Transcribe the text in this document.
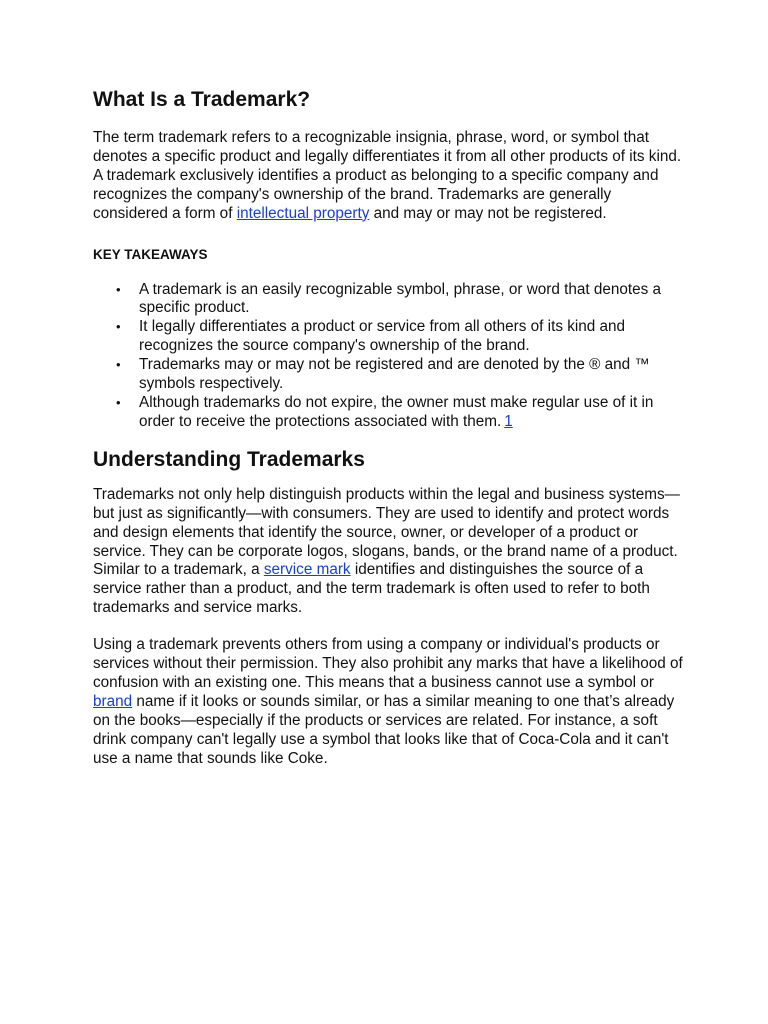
What Is a Trademark?

The term trademark refers to a recognizable insignia, phrase, word, or symbol that denotes a specific product and legally differentiates it from all other products of its kind. A trademark exclusively identifies a product as belonging to a specific company and recognizes the company's ownership of the brand. Trademarks are generally considered a form of intellectual property and may or may not be registered.

KEY TAKEAWAYS
• A trademark is an easily recognizable symbol, phrase, or word that denotes a specific product.
• It legally differentiates a product or service from all others of its kind and recognizes the source company's ownership of the brand.
• Trademarks may or may not be registered and are denoted by the ® and ™ symbols respectively.
• Although trademarks do not expire, the owner must make regular use of it in order to receive the protections associated with them. 1
Understanding Trademarks

Trademarks not only help distinguish products within the legal and business systems—but just as significantly—with consumers. They are used to identify and protect words and design elements that identify the source, owner, or developer of a product or service. They can be corporate logos, slogans, bands, or the brand name of a product. Similar to a trademark, a service mark identifies and distinguishes the source of a service rather than a product, and the term trademark is often used to refer to both trademarks and service marks.

Using a trademark prevents others from using a company or individual's products or services without their permission. They also prohibit any marks that have a likelihood of confusion with an existing one. This means that a business cannot use a symbol or brand name if it looks or sounds similar, or has a similar meaning to one that’s already on the books—especially if the products or services are related. For instance, a soft drink company can't legally use a symbol that looks like that of Coca-Cola and it can't use a name that sounds like Coke.
